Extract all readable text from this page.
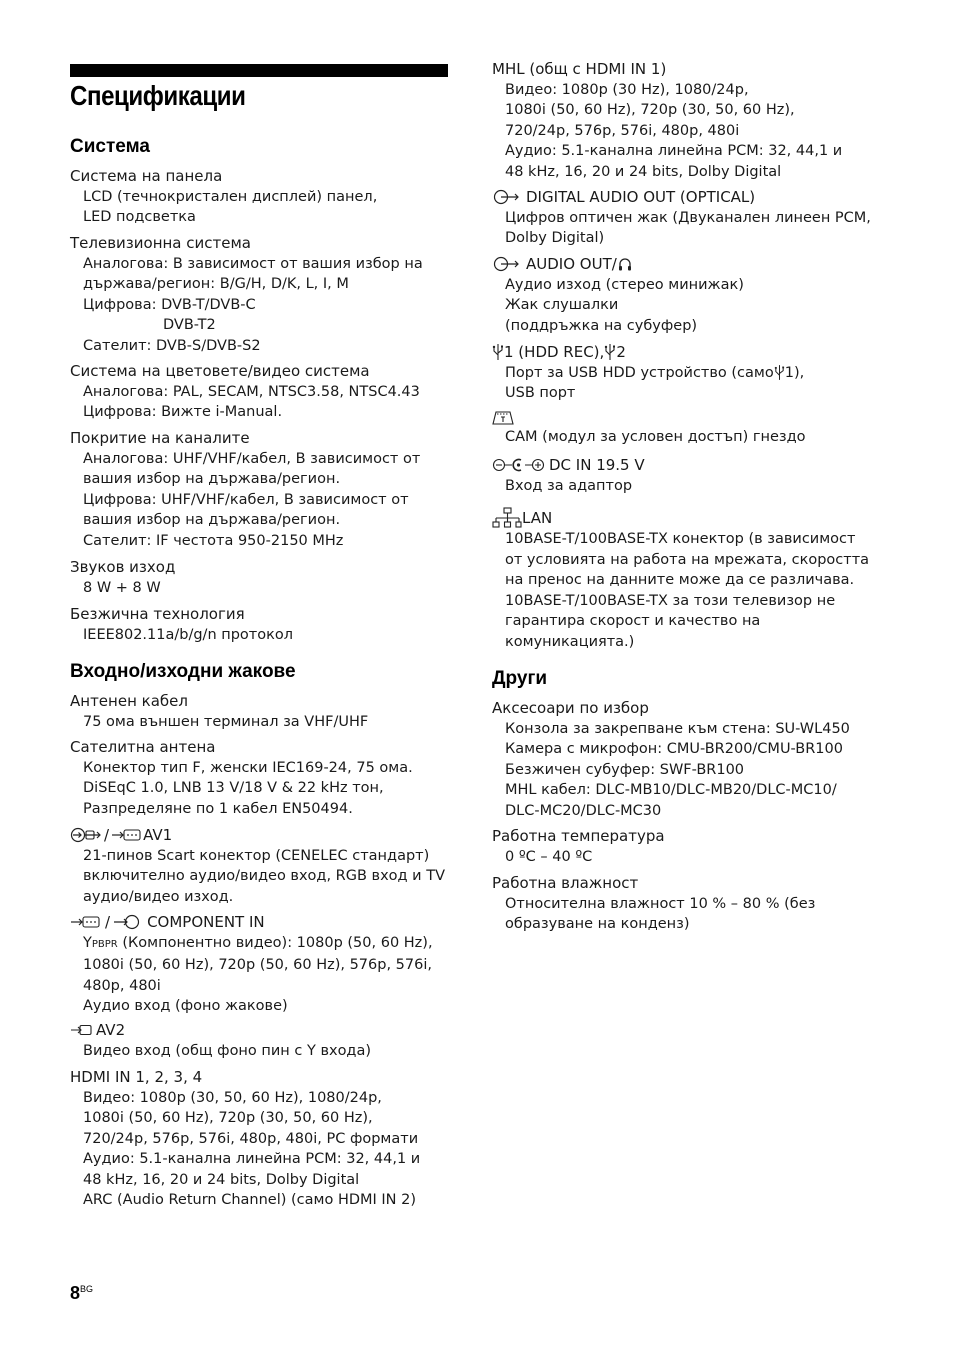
Спецификации
Система
Система на панела
LCD (течнокристален дисплей) панел,
LED подсветка
Телевизионна система
Аналогова: В зависимост от вашия избор на
държава/регион: B/G/H, D/K, L, I, M
Цифрова: DVB-T/DVB-C
DVB-T2
Сателит: DVB-S/DVB-S2
Система на цветовете/видео система
Аналогова: PAL, SECAM, NTSC3.58, NTSC4.43
Цифрова: Вижте i-Manual.
Покритие на каналите
Аналогова: UHF/VHF/кабел, В зависимост от
вашия избор на държава/регион.
Цифрова: UHF/VHF/кабел, В зависимост от
вашия избор на държава/регион.
Сателит: IF честота 950-2150 MHz
Звуков изход
8 W + 8 W
Безжична технология
IEEE802.11a/b/g/n протокол
Входно/изходни жакове
Антенен кабел
75 ома външен терминал за VHF/UHF
Сателитна антена
Конектор тип F, женски IEC169-24, 75 ома.
DiSEqC 1.0, LNB 13 V/18 V & 22 kHz тон,
Разпределяне по 1 кабел EN50494.
/ AV1
21-пинов Scart конектор (CENELEC стандарт)
включително аудио/видео вход, RGB вход и TV
аудио/видео изход.
/ COMPONENT IN
YPBPR (Компонентно видео): 1080p (50, 60 Hz),
1080i (50, 60 Hz), 720p (50, 60 Hz), 576p, 576i,
480p, 480i
Аудио вход (фоно жакове)
AV2
Видео вход (общ фоно пин с Y входа)
HDMI IN 1, 2, 3, 4
Видео: 1080p (30, 50, 60 Hz), 1080/24p,
1080i (50, 60 Hz), 720p (30, 50, 60 Hz),
720/24p, 576p, 576i, 480p, 480i, PC формати
Аудио: 5.1-канална линейна PCM: 32, 44,1 и
48 kHz, 16, 20 и 24 bits, Dolby Digital
ARC (Audio Return Channel) (само HDMI IN 2)
MHL (общ с HDMI IN 1)
Видео: 1080p (30 Hz), 1080/24p,
1080i (50, 60 Hz), 720p (30, 50, 60 Hz),
720/24p, 576p, 576i, 480p, 480i
Аудио: 5.1-канална линейна PCM: 32, 44,1 и
48 kHz, 16, 20 и 24 bits, Dolby Digital
DIGITAL AUDIO OUT (OPTICAL)
Цифров оптичен жак (Двуканален линеен PCM,
Dolby Digital)
AUDIO OUT/
Аудио изход (стерео минижак)
Жак слушалки
(поддръжка на субуфер)
1 (HDD REC), 2
Порт за USB HDD устройство (само 1),
USB порт
CAM (модул за условен достъп) гнездо
DC IN 19.5 V
Вход за адаптор
LAN
10BASE-T/100BASE-TX конектор (в зависимост
от условията на работа на мрежата, скоростта
на пренос на данните може да се различава.
10BASE-T/100BASE-TX за този телевизор не
гарантира скорост и качество на
комуникацията.)
Други
Аксесоари по избор
Конзола за закрепване към стена: SU-WL450
Камера с микрофон: CMU-BR200/CMU-BR100
Безжичен субуфер: SWF-BR100
MHL кабел: DLC-MB10/DLC-MB20/DLC-MC10/
DLC-MC20/DLC-MC30
Работна температура
0 ºC – 40 ºC
Работна влажност
Относителна влажност 10 % – 80 % (без
образуване на конденз)
$8^{BG}$
